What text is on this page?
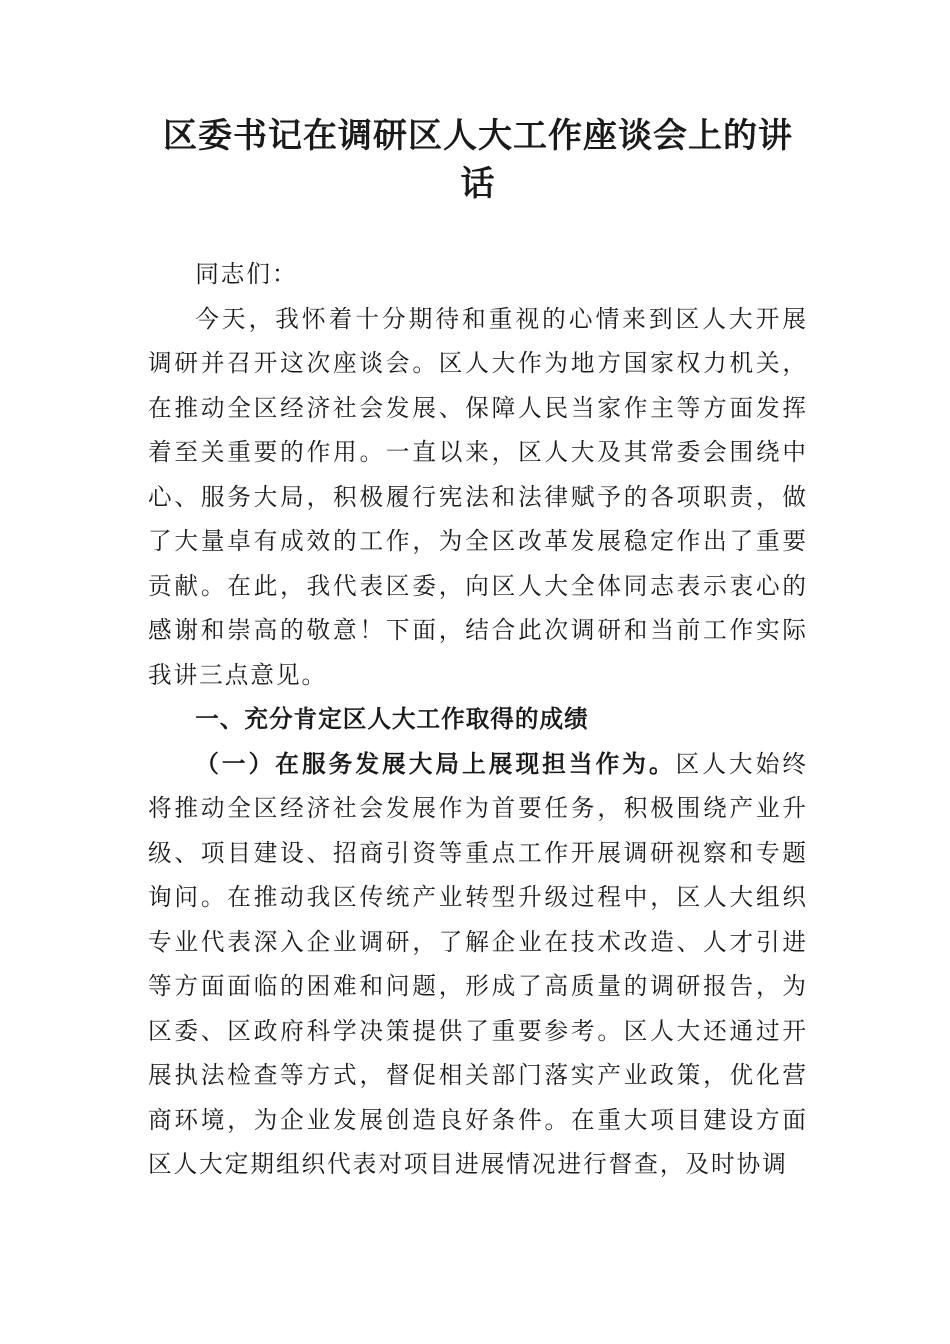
区委书记在调研区人大工作座谈会上的讲话

同志们：

今天，我怀着十分期待和重视的心情来到区人大开展调研并召开这次座谈会。区人大作为地方国家权力机关，在推动全区经济社会发展、保障人民当家作主等方面发挥着至关重要的作用。一直以来，区人大及其常委会围绕中心、服务大局，积极履行宪法和法律赋予的各项职责，做了大量卓有成效的工作，为全区改革发展稳定作出了重要贡献。在此，我代表区委，向区人大全体同志表示衷心的感谢和崇高的敬意！下面，结合此次调研和当前工作实际我讲三点意见。

一、充分肯定区人大工作取得的成绩

（一）在服务发展大局上展现担当作为。区人大始终将推动全区经济社会发展作为首要任务，积极围绕产业升级、项目建设、招商引资等重点工作开展调研视察和专题询问。在推动我区传统产业转型升级过程中，区人大组织专业代表深入企业调研，了解企业在技术改造、人才引进等方面面临的困难和问题，形成了高质量的调研报告，为区委、区政府科学决策提供了重要参考。区人大还通过开展执法检查等方式，督促相关部门落实产业政策，优化营商环境，为企业发展创造良好条件。在重大项目建设方面区人大定期组织代表对项目进展情况进行督查，及时协调
